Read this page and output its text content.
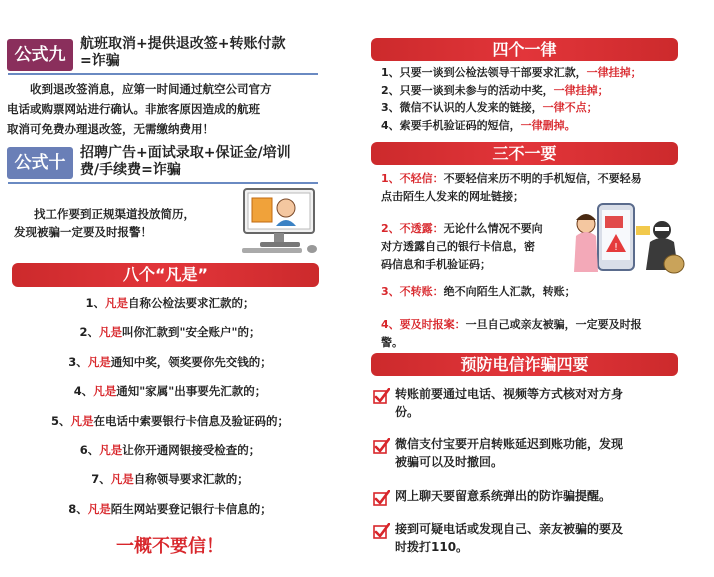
公式九
航班取消+提供退改签+转账付款
=诈骗
收到退改签消息，应第一时间通过航空公司官方
电话或购票网站进行确认。非旅客原因造成的航班
取消可免费办理退改签，无需缴纳费用！
公式十	招聘广告+面试录取+保证金/培训
费/手续费=诈骗
找工作要到正规渠道投放简历，
发现被骗一定要及时报警！
八个“凡是”
1、凡是自称公检法要求汇款的；
2、凡是叫你汇款到"安全账户"的；
3、凡是通知中奖，领奖要你先交钱的；
4、凡是通知"家属"出事要先汇款的；
5、凡是在电话中索要银行卡信息及验证码的；
6、凡是让你开通网银接受检查的；
7、凡是自称领导要求汇款的；
8、凡是陌生网站要登记银行卡信息的；
一概不要信！
四个一律
1、只要一谈到公检法领导干部要求汇款，一律挂掉；
2、只要一谈到未参与的活动中奖，一律挂掉；
3、微信不认识的人发来的链接，一律不点；
4、索要手机验证码的短信，一律删掉。
三不一要
1、不轻信：不要轻信来历不明的手机短信，不要轻易
点击陌生人发来的网址链接；
2、不透露：无论什么情况不要向
对方透露自己的银行卡信息，密
码信息和手机验证码；
!
3、不转账：绝不向陌生人汇款，转账；
4、要及时报案：一旦自己或亲友被骗，一定要及时报
警。
预防电信诈骗四要
转账前要通过电话、视频等方式核对对方身
份。
微信支付宝要开启转账延迟到账功能，发现
被骗可以及时撤回。
网上聊天要留意系统弹出的防诈骗提醒。
接到可疑电话或发现自己、亲友被骗的要及
时拨打110。
